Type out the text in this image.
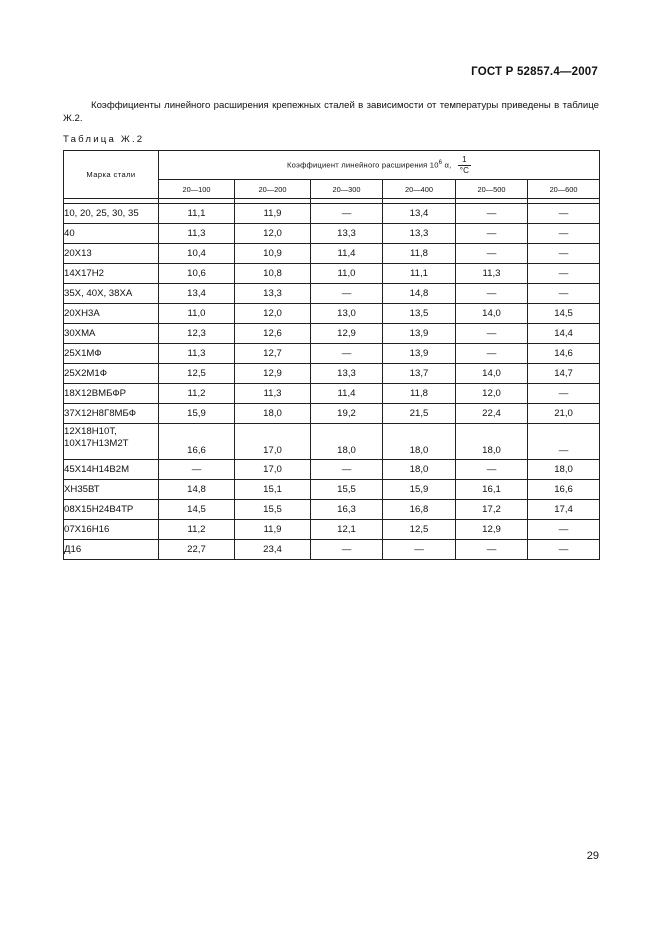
ГОСТ Р 52857.4—2007
Коэффициенты линейного расширения крепежных сталей в зависимости от температуры приведены в таблице Ж.2.
Таблица Ж.2
Марка стали	Коэффициент линейного расширения $10^6$ α, $\frac{1}{^\circ С}$

	20—100	20—200	20—300	20—400	20—500	20—600

10, 20, 25, 30, 35	11,1	11,9	—	13,4	—	—
40	11,3	12,0	13,3	13,3	—	—
20Х13	10,4	10,9	11,4	11,8	—	—
14Х17Н2	10,6	10,8	11,0	11,1	11,3	—
35Х, 40Х, 38ХА	13,4	13,3	—	14,8	—	—
20ХН3А	11,0	12,0	13,0	13,5	14,0	14,5
30ХМА	12,3	12,6	12,9	13,9	—	14,4
25Х1МФ	11,3	12,7	—	13,9	—	14,6
25Х2М1Ф	12,5	12,9	13,3	13,7	14,0	14,7
18Х12ВМБФР	11,2	11,3	11,4	11,8	12,0	—
37Х12Н8Г8МБФ	15,9	18,0	19,2	21,5	22,4	21,0
12Х18Н10Т, 10Х17Н13М2Т	16,6	17,0	18,0	18,0	18,0	—
45Х14Н14В2М	—	17,0	—	18,0	—	18,0
ХН35ВТ	14,8	15,1	15,5	15,9	16,1	16,6
08Х15Н24В4ТР	14,5	15,5	16,3	16,8	17,2	17,4
07Х16Н16	11,2	11,9	12,1	12,5	12,9	—
Д16	22,7	23,4	—	—	—	—
29
